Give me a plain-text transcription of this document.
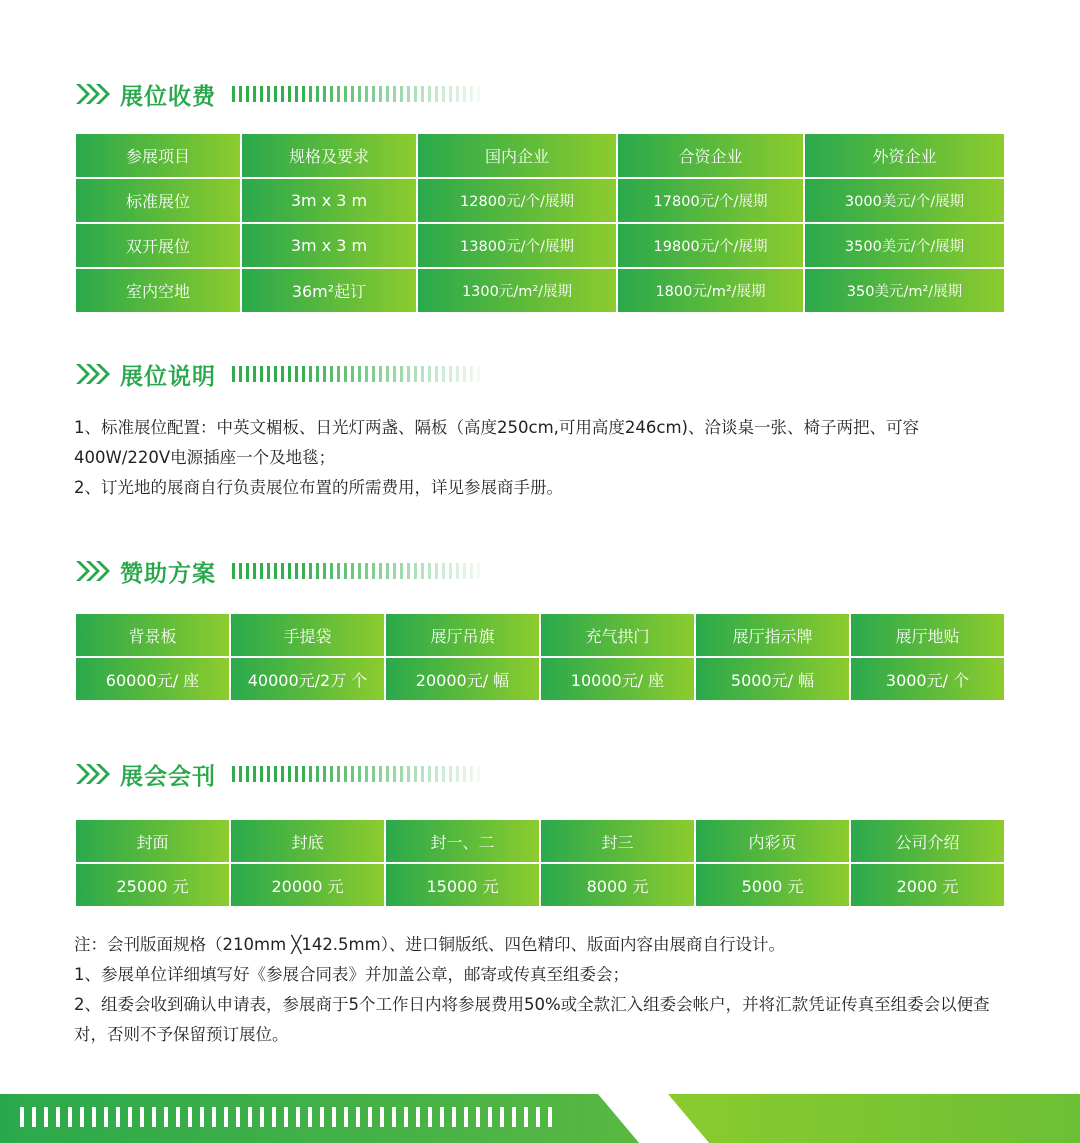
展位收费
参展项目	规格及要求	国内企业	合资企业	外资企业
标准展位	3m x 3 m	12800元/个/展期	17800元/个/展期	3000美元/个/展期
双开展位	3m x 3 m	13800元/个/展期	19800元/个/展期	3500美元/个/展期
室内空地	36m²起订	1300元/m²/展期	1800元/m²/展期	350美元/m²/展期
展位说明

1、标准展位配置：中英文楣板、日光灯两盏、隔板（高度250cm,可用高度246cm)、洽谈桌一张、椅子两把、可容400W/220V电源插座一个及地毯；

2、订光地的展商自行负责展位布置的所需费用，详见参展商手册。

赞助方案
背景板	手提袋	展厅吊旗	充气拱门	展厅指示牌	展厅地贴
60000元/ 座	40000元/2万 个	20000元/ 幅	10000元/ 座	5000元/ 幅	3000元/ 个
展会会刊
封面	封底	封一、二	封三	内彩页	公司介绍
25000 元	20000 元	15000 元	8000 元	5000 元	2000 元

注：会刊版面规格（210mm ╳142.5mm）、进口铜版纸、四色精印、版面内容由展商自行设计。

1、参展单位详细填写好《参展合同表》并加盖公章，邮寄或传真至组委会；

2、组委会收到确认申请表，参展商于5个工作日内将参展费用50%或全款汇入组委会帐户，并将汇款凭证传真至组委会以便查对，否则不予保留预订展位。
